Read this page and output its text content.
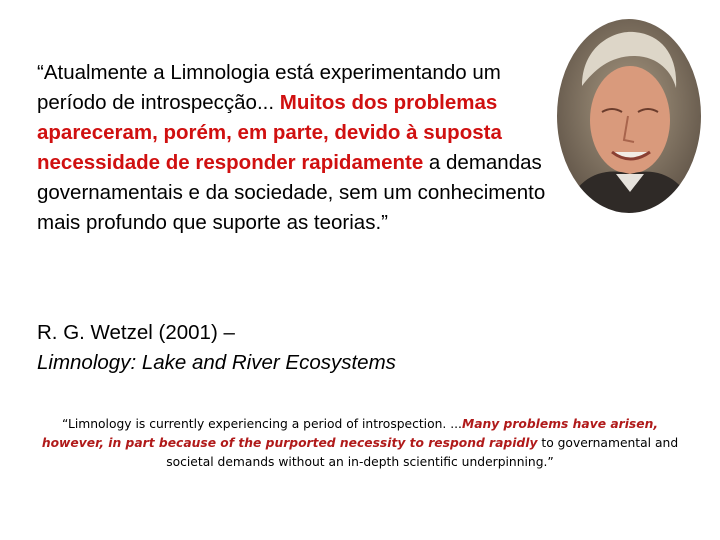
“Atualmente a Limnologia está experimentando um período de introspecção... Muitos dos problemas apareceram, porém, em parte, devido à suposta necessidade de responder rapidamente a demandas governamentais e da sociedade, sem um conhecimento mais profundo que suporte as teorias.”

R. G. Wetzel (2001) –
Limnology: Lake and River Ecosystems

“Limnology is currently experiencing a period of introspection. ...Many problems have arisen, however, in part because of the purported necessity to respond rapidly to governamental and societal demands without an in-depth scientific underpinning.”
